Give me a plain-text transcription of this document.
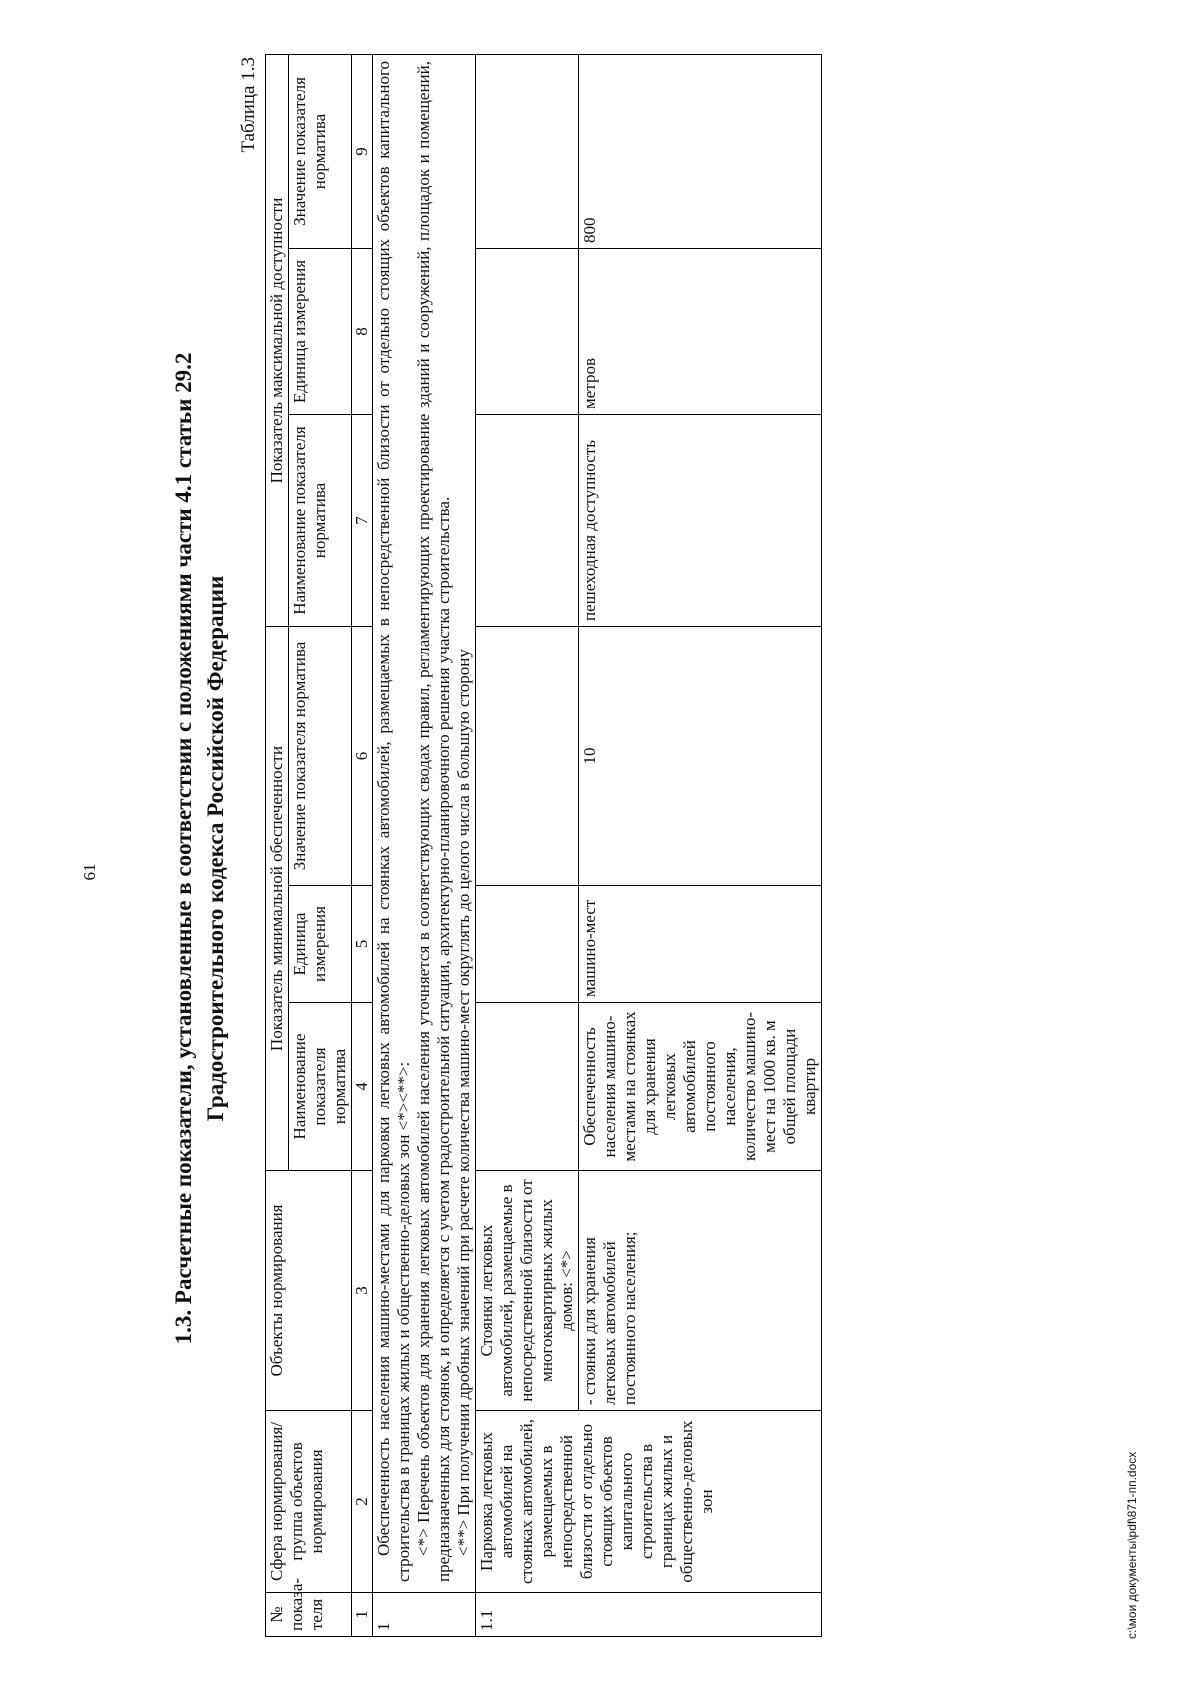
61	1.3. Расчетные показатели, установленные в соответствии с положениями части 4.1 статьи 29.2 Градостроительного кодекса Российской Федерации
Таблица 1.3
№ показа-теля	Сфера нормирования/ группа объектов нормирования	Объекты нормирования	Показатель минимальной обеспеченности			Показатель максимальной доступности		
			Наименование показателя норматива	Единица измерения	Значение показателя норматива	Наименование показателя норматива	Единица измерения	Значение показателя норматива
1	2	3	4	5	6	7	8	9
1	Обеспеченность населения машино-местами для парковки легковых автомобилей на стоянках автомобилей, размещаемых в непосредственной близости от отдельно стоящих объектов капитального строительства в границах жилых и общественно-деловых зон <*><**>: <*> Перечень объектов для хранения легковых автомобилей населения уточняется в соответствующих сводах правил, регламентирующих проектирование зданий и сооружений, площадок и помещений, предназначенных для стоянок, и определяется с учетом градостроительной ситуации, архитектурно-планировочного решения участка строительства. <**> При получении дробных значений при расчете количества машино-мест округлять до целого числа в большую сторону							

1.1	Парковка легковых автомобилей на стоянках автомобилей, размещаемых в непосредственной близости от отдельно стоящих объектов капитального строительства в границах жилых и общественно-деловых зон	Стоянки легковых автомобилей, размещаемые в непосредственной близости от многоквартирных жилых домов: <*>						
		- стоянки для хранения легковых автомобилей постоянного населения;	Обеспеченность населения машино-местами на стоянках для хранения легковых автомобилей постоянного населения, количество машино-мест на 1000 кв. м общей площади квартир	машино-мест	10	пешеходная доступность	метров	800
c:\мои документы\pdf\871-пп.docx
